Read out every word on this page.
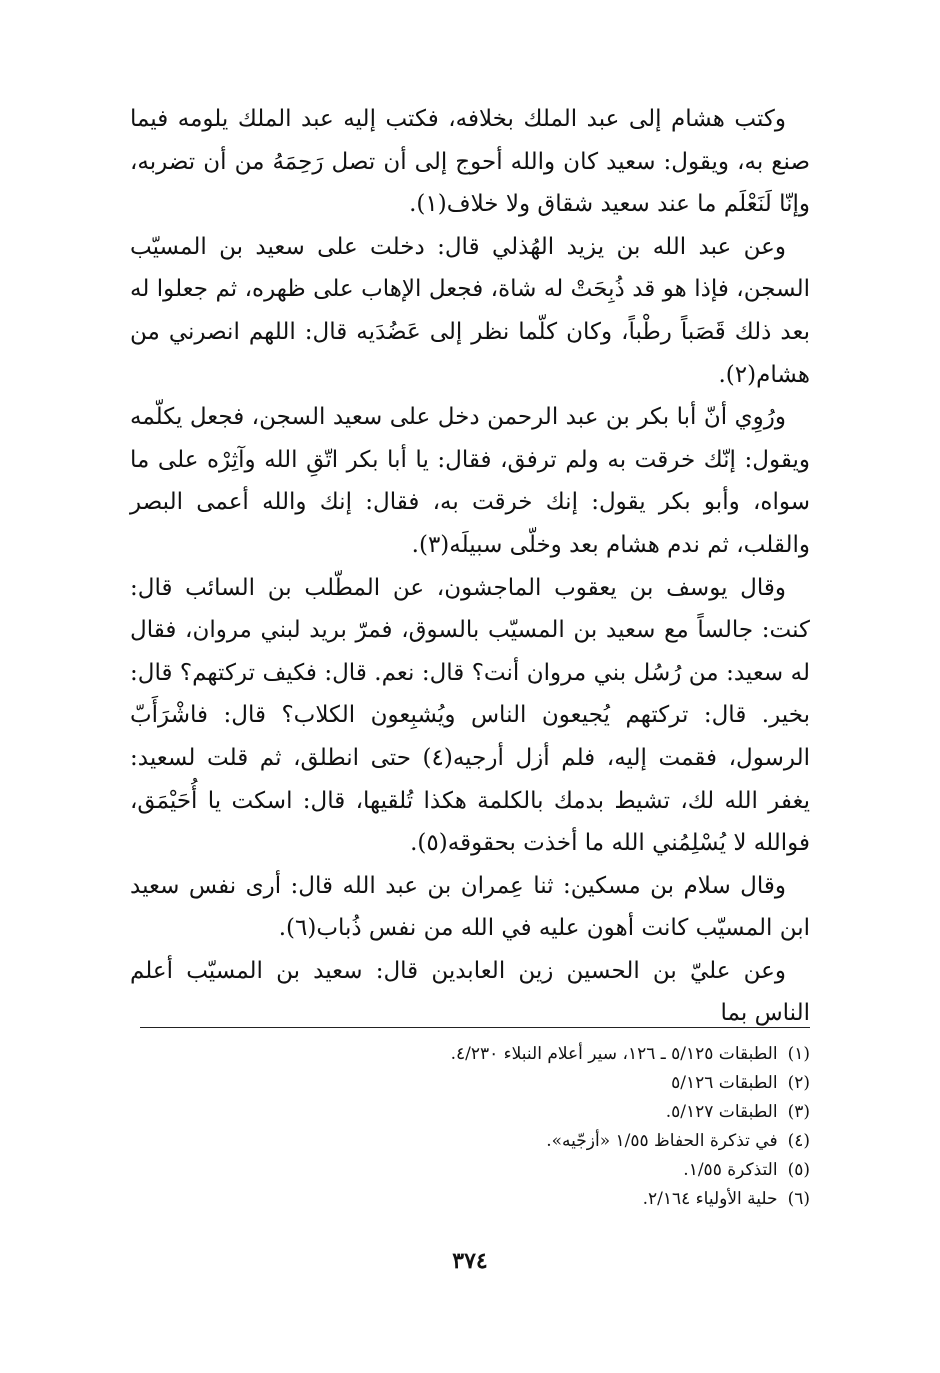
وكتب هشام إلى عبد الملك بخلافه، فكتب إليه عبد الملك يلومه فيما صنع به، ويقول: سعيد كان والله أحوج إلى أن تصل رَحِمَهُ من أن تضربه، وإنّا لَنَعْلَم ما عند سعيد شقاق ولا خلاف(١).

وعن عبد الله بن يزيد الهُذلي قال: دخلت على سعيد بن المسيّب السجن، فإذا هو قد ذُبِحَتْ له شاة، فجعل الإهاب على ظهره، ثم جعلوا له بعد ذلك قَصَباً رطْباً، وكان كلّما نظر إلى عَضُدَيه قال: اللهم انصرني من هشام(٢).

ورُوِي أنّ أبا بكر بن عبد الرحمن دخل على سعيد السجن، فجعل يكلّمه ويقول: إنّك خرقت به ولم ترفق، فقال: يا أبا بكر اتّقِ الله وآثِرْه على ما سواه، وأبو بكر يقول: إنك خرقت به، فقال: إنك والله أعمى البصر والقلب، ثم ندم هشام بعد وخلّى سبيلَه(٣).

وقال يوسف بن يعقوب الماجشون، عن المطّلب بن السائب قال: كنت: جالساً مع سعيد بن المسيّب بالسوق، فمرّ بريد لبني مروان، فقال له سعيد: من رُسُل بني مروان أنت؟ قال: نعم. قال: فكيف تركتهم؟ قال: بخير. قال: تركتهم يُجيعون الناس ويُشبِعون الكلاب؟ قال: فاشْرَأَبّ الرسول، فقمت إليه، فلم أزل أرجيه(٤) حتى انطلق، ثم قلت لسعيد: يغفر الله لك، تشيط بدمك بالكلمة هكذا تُلقيها، قال: اسكت يا أُحَيْمَق، فوالله لا يُسْلِمُني الله ما أخذت بحقوقه(٥).

وقال سلام بن مسكين: ثنا عِمران بن عبد الله قال: أرى نفس سعيد ابن المسيّب كانت أهون عليه في الله من نفس ذُباب(٦).

وعن عليّ بن الحسين زين العابدين قال: سعيد بن المسيّب أعلم الناس بما

(١)الطبقات ٥/١٢٥ ـ ١٢٦، سير أعلام النبلاء ٤/٢٣٠.
(٢)الطبقات ٥/١٢٦
(٣)الطبقات ٥/١٢٧.
(٤)في تذكرة الحفاظ ١/٥٥ «أزجّيه».
(٥)التذكرة ١/٥٥.
(٦)حلية الأولياء ٢/١٦٤.
٣٧٤
